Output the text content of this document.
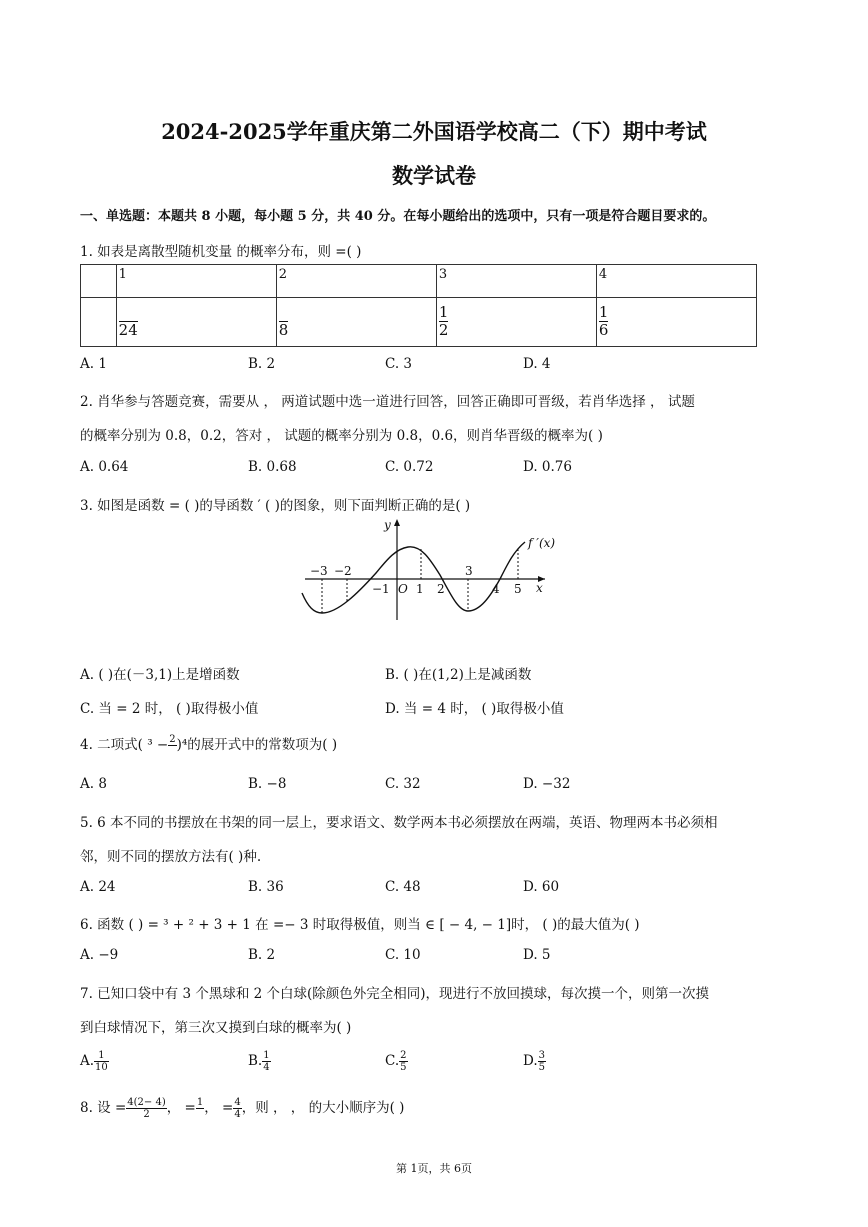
2024-2025学年重庆第二外国语学校高二（下）期中考试
数学试卷
一、单选题：本题共 8 小题，每小题 5 分，共 40 分。在每小题给出的选项中，只有一项是符合题目要求的。
1. 如表是离散型随机变量 的概率分布，则 =( )
	1	2	3	4

	24	8	$\frac{1}{2}$	$\frac{1}{6}$
A. 1	B. 2	C. 3	D. 4
2. 肖华参与答题竞赛，需要从 ， 两道试题中选一道进行回答，回答正确即可晋级，若肖华选择 ， 试题
的概率分别为 0.8，0.2，答对 ， 试题的概率分别为 0.8，0.6，则肖华晋级的概率为( )
A. 0.64	B. 0.68	C. 0.72	D. 0.76
3. 如图是函数 = ( )的导函数 ′ ( )的图象，则下面判断正确的是( )
−3 −2
−1 1 2
3
4 5
O	x
y
f ′(x)
A. ( )在(－3,1)上是增函数	B. ( )在(1,2)上是减函数
C. 当 = 2 时， ( )取得极小值	D. 当 = 4 时， ( )取得极小值
4. 二项式( ³ − 2
)⁴的展开式中的常数项为( )
A. 8	B. −8	C. 32	D. −32
5. 6 本不同的书摆放在书架的同一层上，要求语文、数学两本书必须摆放在两端，英语、物理两本书必须相
邻，则不同的摆放方法有( )种.
A. 24	B. 36	C. 48	D. 60
6. 函数 ( ) = ³ + ² + 3 + 1 在 =− 3 时取得极值，则当 ∈ [ − 4, − 1]时， ( )的最大值为( )
A. −9	B. 2	C. 10	D. 5
7. 已知口袋中有 3 个黑球和 2 个白球(除颜色外完全相同)，现进行不放回摸球，每次摸一个，则第一次摸
到白球情况下，第三次又摸到白球的概率为( )
A. $\frac{1}{10}$	B. $\frac{1}{4}$	C. $\frac{2}{5}$	D. $\frac{3}{5}$
8. 设 = $\frac{4(2- 4)}{2}$ ， = 1
， = $\frac{4}{4}$ ，则 ， ， 的大小顺序为( )
第 1页，共 6页
